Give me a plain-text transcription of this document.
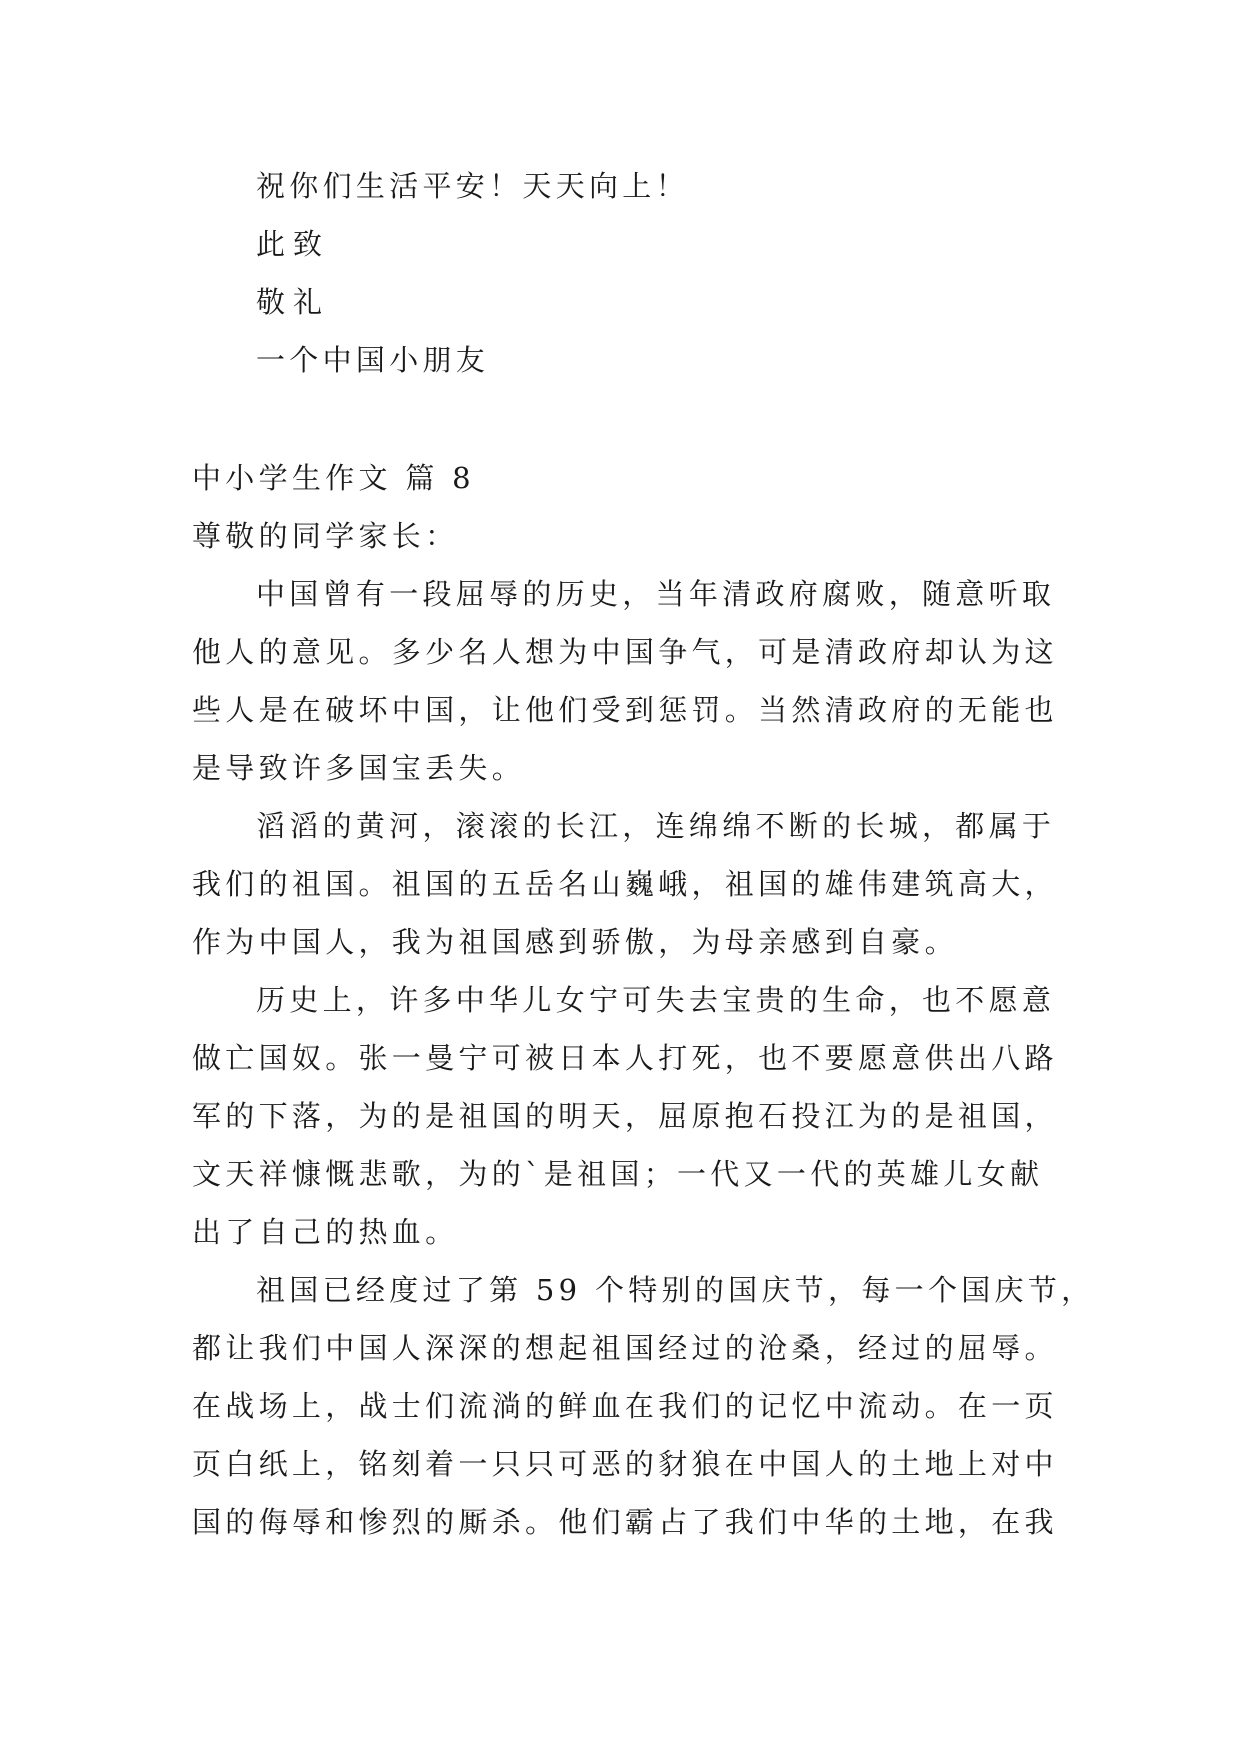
祝你们生活平安！天天向上！
此致
敬礼
一个中国小朋友
中小学生作文 篇 8
尊敬的同学家长：
中国曾有一段屈辱的历史，当年清政府腐败，随意听取
他人的意见。多少名人想为中国争气，可是清政府却认为这
些人是在破坏中国，让他们受到惩罚。当然清政府的无能也
是导致许多国宝丢失。
滔滔的黄河，滚滚的长江，连绵绵不断的长城，都属于
我们的祖国。祖国的五岳名山巍峨，祖国的雄伟建筑高大，
作为中国人，我为祖国感到骄傲，为母亲感到自豪。
历史上，许多中华儿女宁可失去宝贵的生命，也不愿意
做亡国奴。张一曼宁可被日本人打死，也不要愿意供出八路
军的下落，为的是祖国的明天，屈原抱石投江为的是祖国，
文天祥慷慨悲歌，为的`是祖国；一代又一代的英雄儿女献
出了自己的热血。
祖国已经度过了第 59 个特别的国庆节，每一个国庆节，
都让我们中国人深深的想起祖国经过的沧桑，经过的屈辱。
在战场上，战士们流淌的鲜血在我们的记忆中流动。在一页
页白纸上，铭刻着一只只可恶的豺狼在中国人的土地上对中
国的侮辱和惨烈的厮杀。他们霸占了我们中华的土地，在我
